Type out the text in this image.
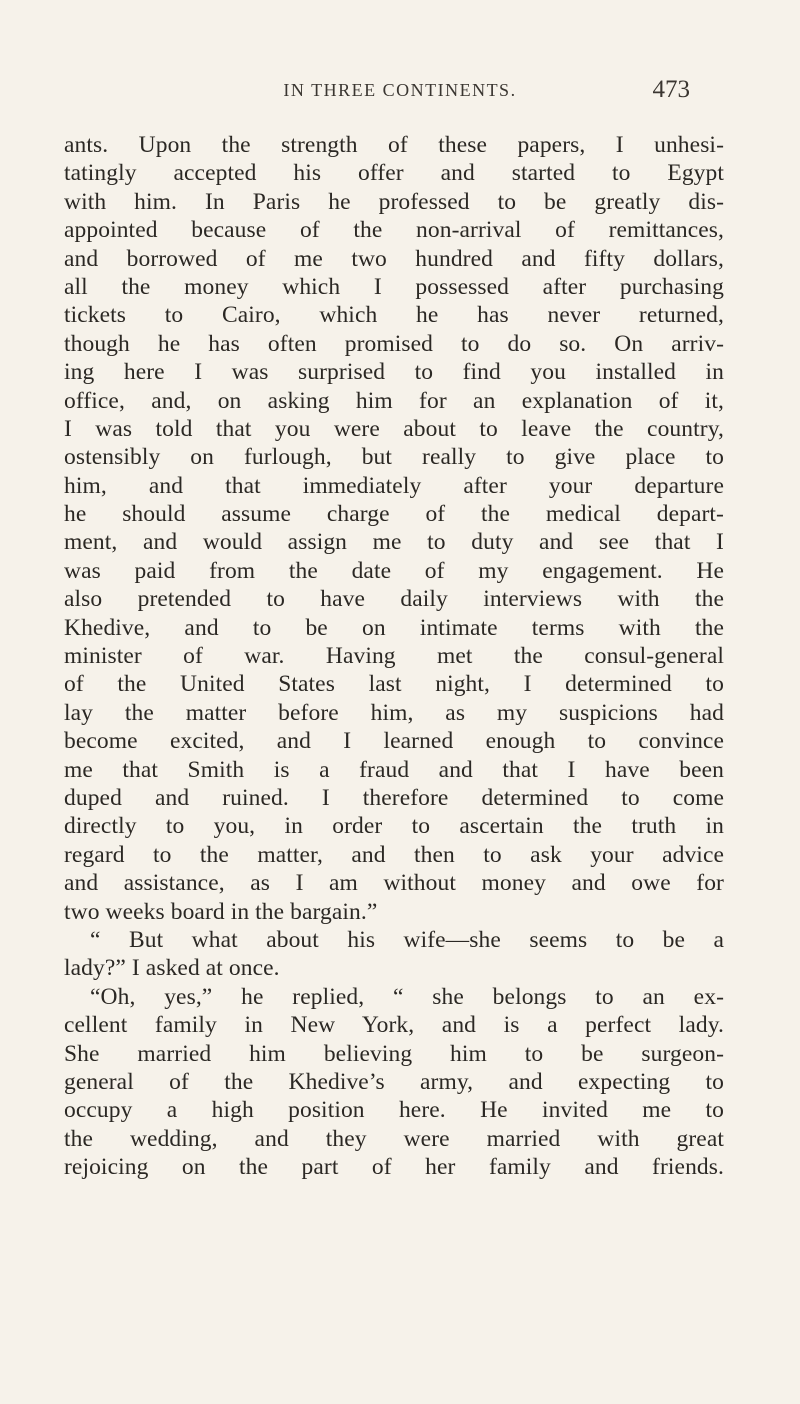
IN THREE CONTINENTS.	473
ants. Upon the strength of these papers, I unhesi-
tatingly accepted his offer and started to Egypt
with him. In Paris he professed to be greatly dis-
appointed because of the non-arrival of remittances,
and borrowed of me two hundred and fifty dollars,
all the money which I possessed after purchasing
tickets to Cairo, which he has never returned,
though he has often promised to do so. On arriv-
ing here I was surprised to find you installed in
office, and, on asking him for an explanation of it,
I was told that you were about to leave the country,
ostensibly on furlough, but really to give place to
him, and that immediately after your departure
he should assume charge of the medical depart-
ment, and would assign me to duty and see that I
was paid from the date of my engagement. He
also pretended to have daily interviews with the
Khedive, and to be on intimate terms with the
minister of war. Having met the consul-general
of the United States last night, I determined to
lay the matter before him, as my suspicions had
become excited, and I learned enough to convince
me that Smith is a fraud and that I have been
duped and ruined. I therefore determined to come
directly to you, in order to ascertain the truth in
regard to the matter, and then to ask your advice
and assistance, as I am without money and owe for
two weeks board in the bargain.”
“ But what about his wife—she seems to be a
lady?” I asked at once.
“Oh, yes,” he replied, “ she belongs to an ex-
cellent family in New York, and is a perfect lady.
She married him believing him to be surgeon-
general of the Khedive’s army, and expecting to
occupy a high position here. He invited me to
the wedding, and they were married with great
rejoicing on the part of her family and friends.
